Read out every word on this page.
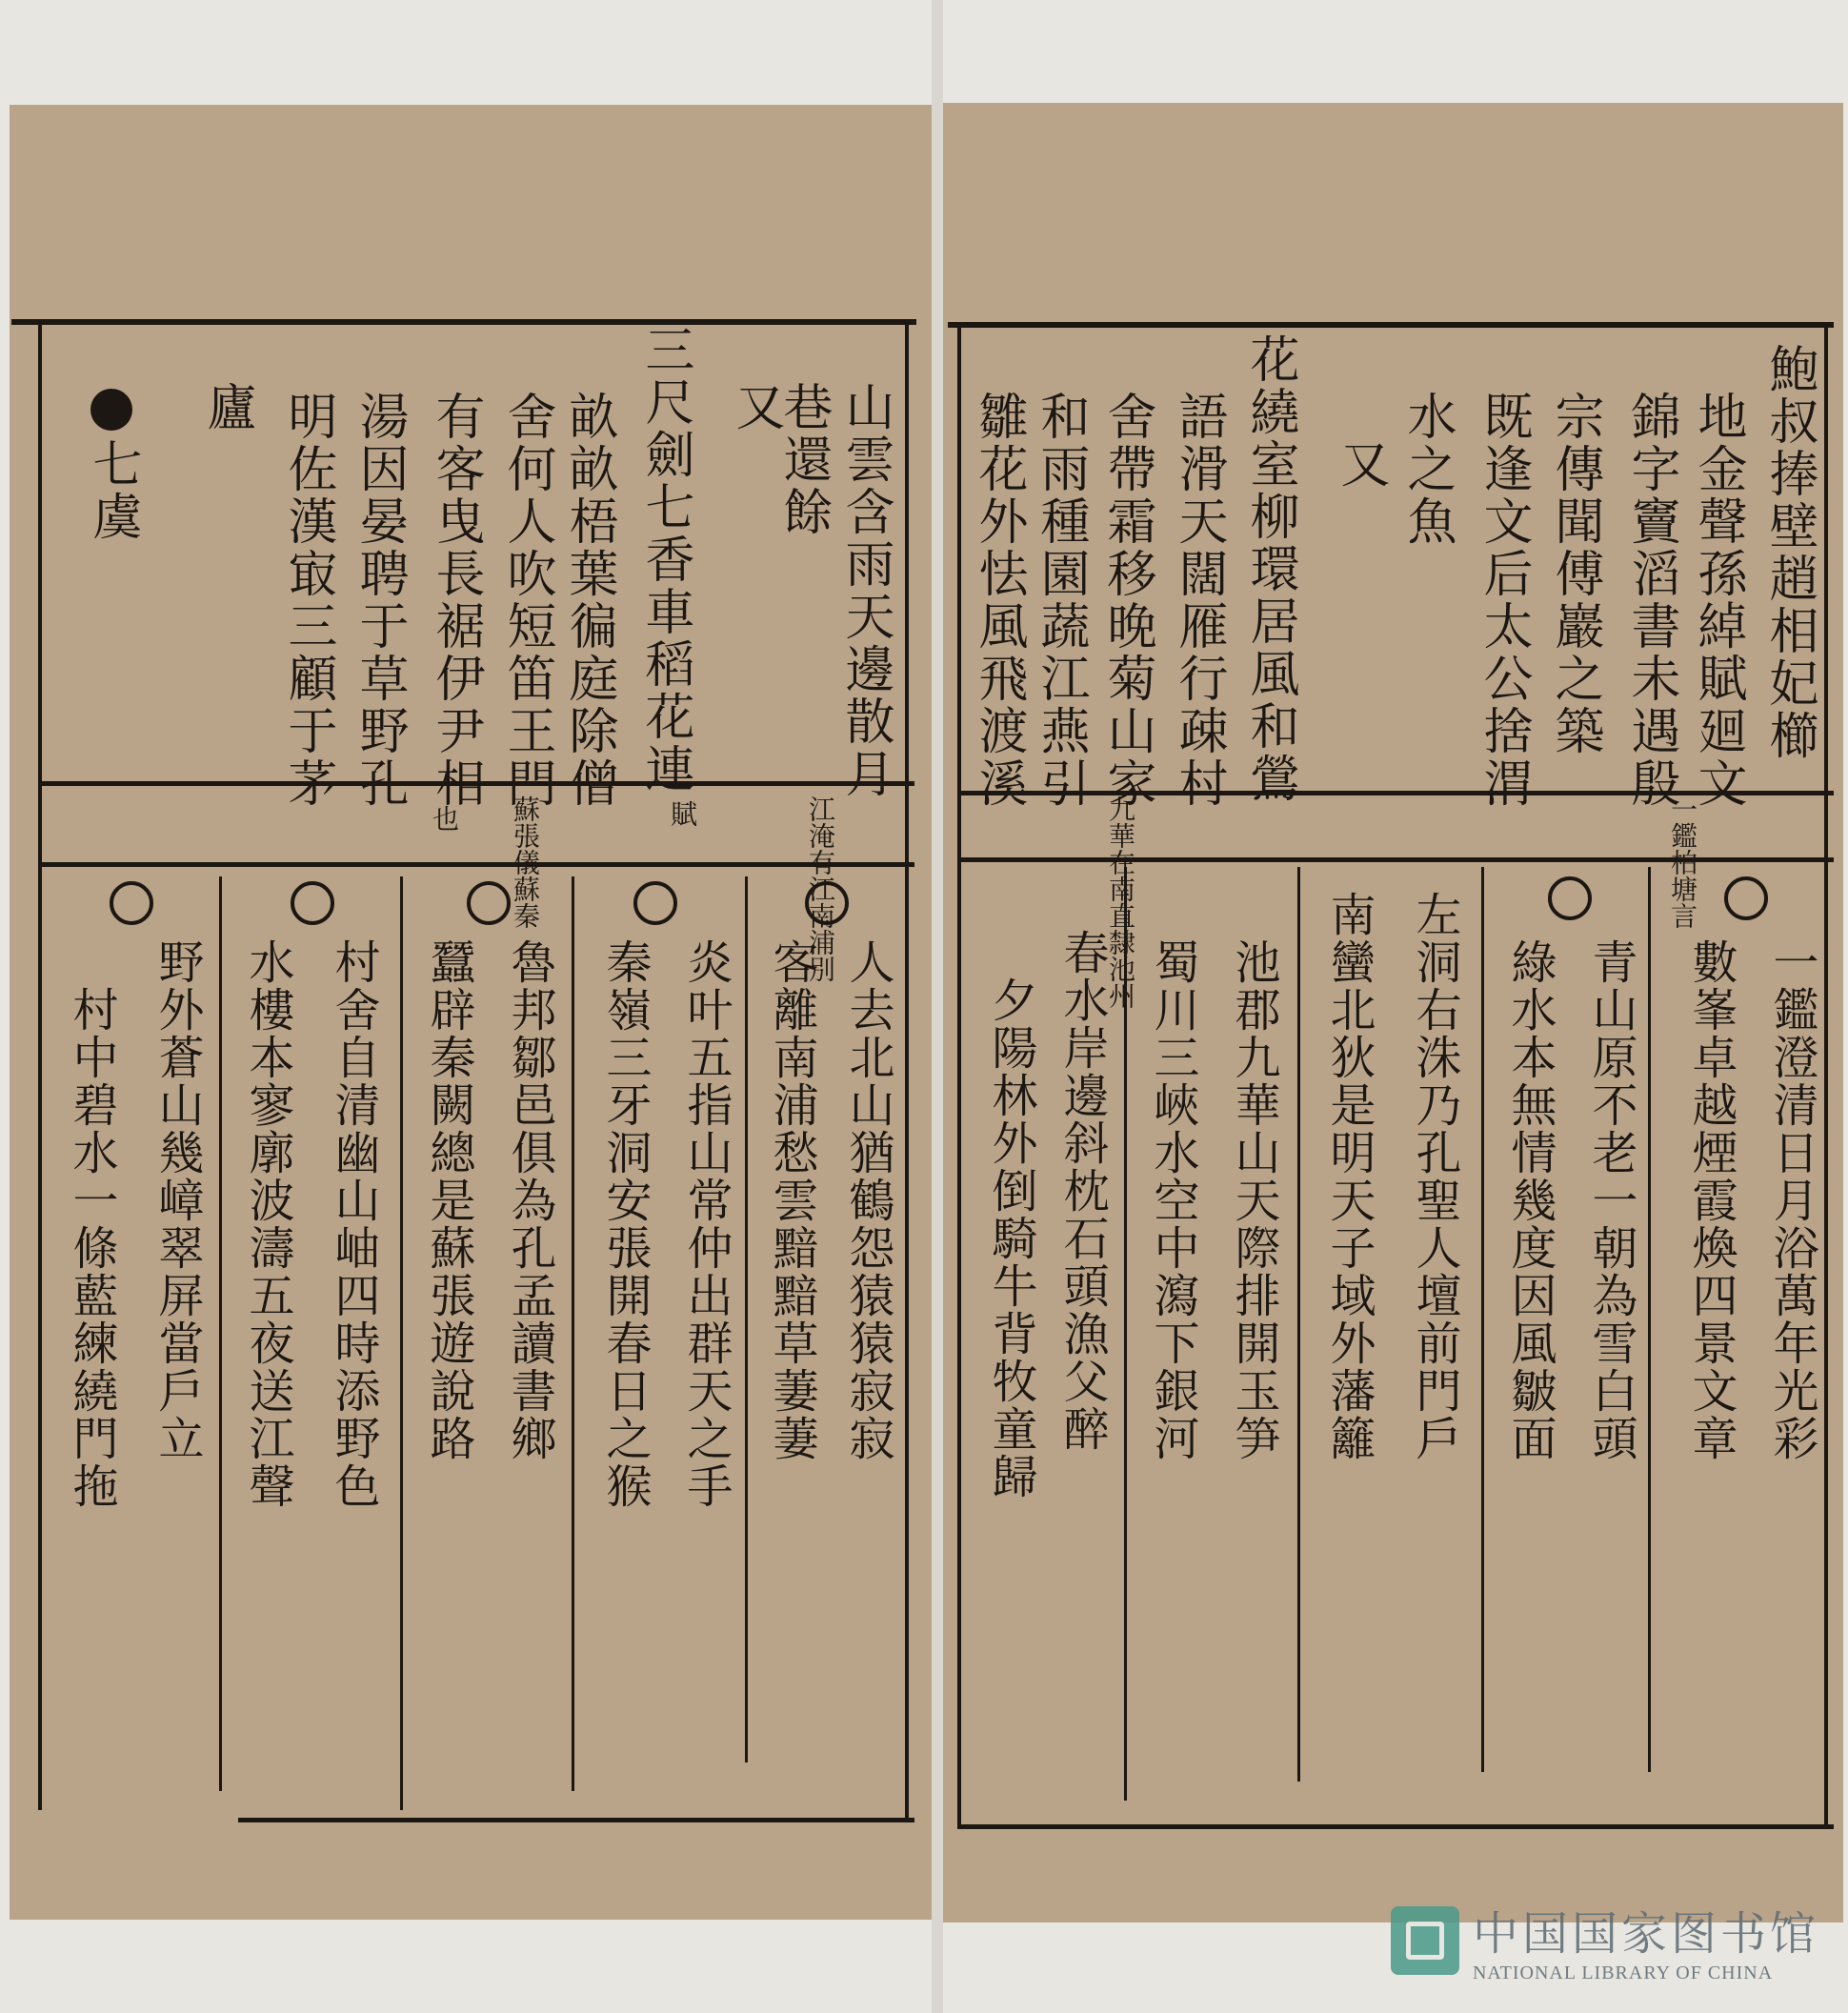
山雲含雨天邊散月
巷還餘
又
三尺劍七香車稻花連
畝畝梧葉徧庭除僧
舍何人吹短笛王門
有客曳長裾伊尹相
湯因晏聘于草野孔
明佐漢㝡三顧于茅
廬
七虞
江淹有江南浦別
賦
蘇張儀蘇秦
也
人去北山猶鶴怨猿猿寂寂
客離南浦愁雲黯黯草萋萋
炎叶五指山常仲出群天之手
秦嶺三牙洞安張開春日之猴
魯邦鄒邑俱為孔孟讀書鄉
蠶辟秦闕總是蘇張遊說路
村舍自清幽山岫四時添野色
水樓本寥廓波濤五夜送江聲
野外蒼山幾嶂翠屏當戶立
村中碧水一條藍練繞門拖
鮑叔捧壁趙相妃櫛
地金聲孫綽賦廻文
錦字竇滔書未遇殷
宗傳聞傅巖之築
既逢文后太公捨渭
水之魚
又
花繞室柳環居風和鶯
語滑天闊雁行疎村
舍帶霜移晚菊山家
和雨種園蔬江燕引
雛花外怯風飛渡溪
一鑑柏塘言
九華在南直隸池州
一鑑澄清日月浴萬年光彩
數峯卓越煙霞煥四景文章
青山原不老一朝為雪白頭
綠水本無情幾度因風皺面
左洞右洙乃孔聖人壇前門戶
南蠻北狄是明天子域外藩籬
池郡九華山天際排開玉笋
蜀川三峽水空中瀉下銀河
春水岸邊斜枕石頭漁父醉
夕陽林外倒騎牛背牧童歸
中国国家图书馆
NATIONAL LIBRARY OF CHINA
